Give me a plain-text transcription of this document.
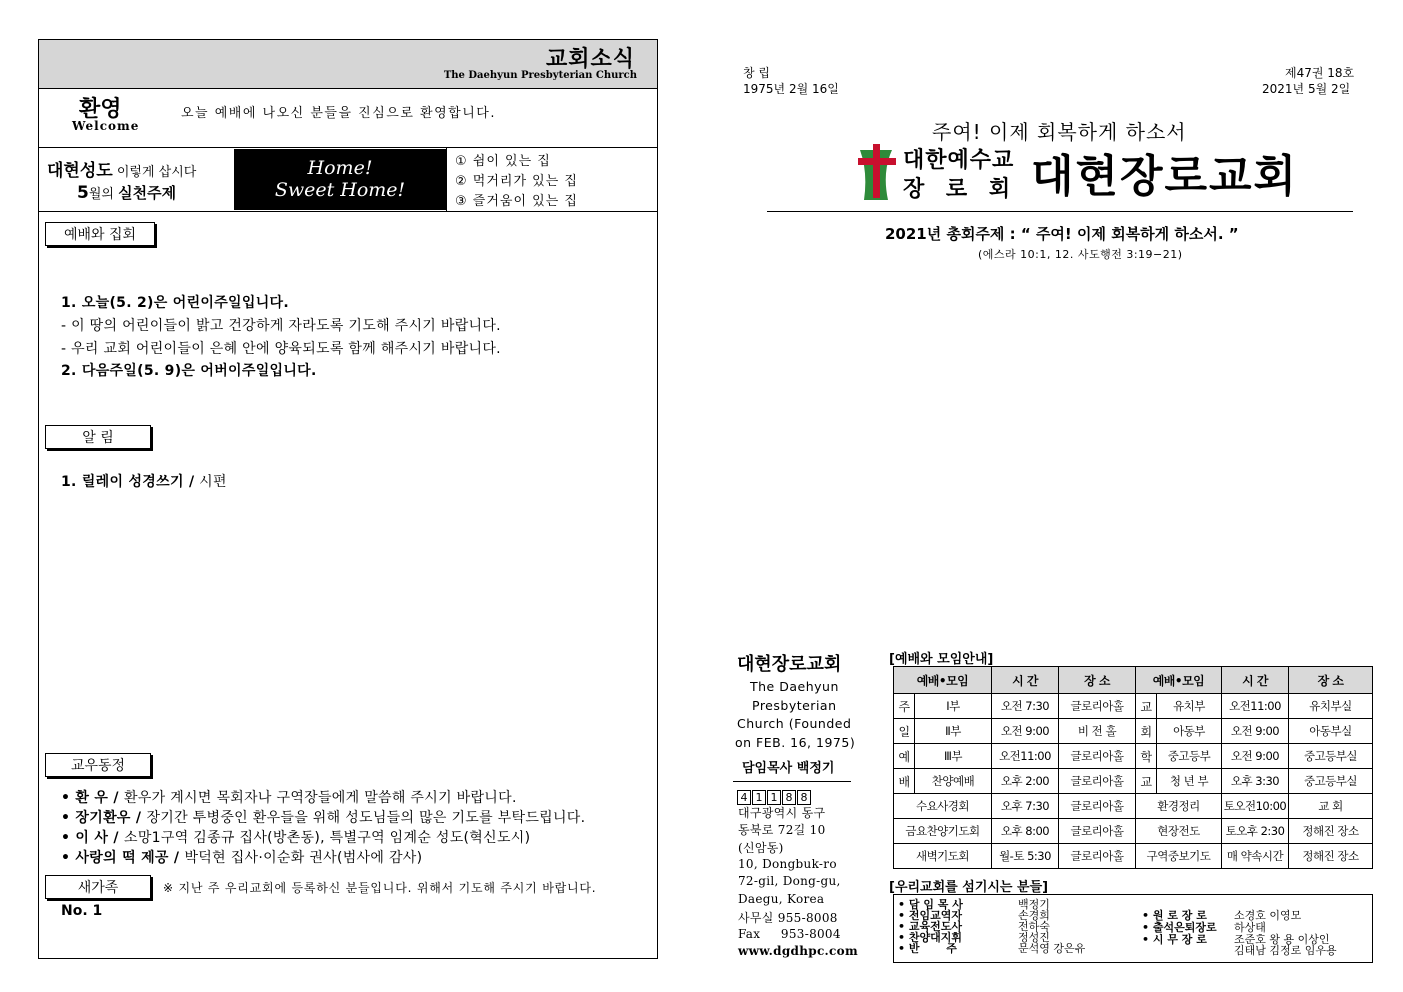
교회소식
The Daehyun Presbyterian Church
환영
Welcome
오늘 예배에 나오신 분들을 진심으로 환영합니다.
대현성도 이렇게 삽시다
5월의 실천주제
Home!
Sweet Home!
① 쉼이 있는 집
② 먹거리가 있는 집
③ 즐거움이 있는 집
예배와 집회
1. 오늘(5. 2)은 어린이주일입니다.
- 이 땅의 어린이들이 밝고 건강하게 자라도록 기도해 주시기 바랍니다.
- 우리 교회 어린이들이 은혜 안에 양육되도록 함께 해주시기 바랍니다.
2. 다음주일(5. 9)은 어버이주일입니다.
알 림
1. 릴레이 성경쓰기 / 시편
교우동정
• 환 우 / 환우가 계시면 목회자나 구역장들에게 말씀해 주시기 바랍니다.
• 장기환우 / 장기간 투병중인 환우들을 위해 성도님들의 많은 기도를 부탁드립니다.
• 이 사 / 소망1구역 김종규 집사(방촌동), 특별구역 임계순 성도(혁신도시)
• 사랑의 떡 제공 / 박덕현 집사·이순화 권사(범사에 감사)
새가족	※ 지난 주 우리교회에 등록하신 분들입니다. 위해서 기도해 주시기 바랍니다.
No. 1
창 립
1975년 2월 16일
제47권 18호
2021년 5월 2일
주여! 이제 회복하게 하소서
대한예수교
장 로 회 대현장로교회
2021년 총회주제 : “ 주여! 이제 회복하게 하소서. ”
(에스라 10:1, 12. 사도행전 3:19−21)
대현장로교회
The Daehyun
Presbyterian
Church (Founded
on FEB. 16, 1975)
담임목사 백정기
4 1 1 8 8
대구광역시 동구
동북로 72길 10
(신암동)
10, Dongbuk-ro
72-gil, Dong-gu,
Daegu, Korea
사무실 955-8008
Fax     953-8004
www.dgdhpc.com
[예배와 모임안내]
예배•모임		시 간	장 소	예배•모임		시 간	장 소
주	Ⅰ부	오전 7:30	글로리아홀	교	유치부	오전11:00	유치부실
일	Ⅱ부	오전 9:00	비 전 홀	회	아동부	오전 9:00	아동부실
예	Ⅲ부	오전11:00	글로리아홀	학	중고등부	오전 9:00	중고등부실
배	찬양예배	오후 2:00	글로리아홀	교	청 년 부	오후 3:30	중고등부실
수요사경회		오후 7:30	글로리아홀	환경정리		토오전10:00	교 회
금요찬양기도회		오후 8:00	글로리아홀	현장전도		토오후 2:30	정해진 장소
새벽기도회		월-토 5:30	글로리아홀	구역중보기도		매 약속시간	정해진 장소
[우리교회를 섬기시는 분들]
• 담 임 목 사	백정기
• 전임교역자	손경희
• 교육전도사	전하숙
• 찬양대지휘	정성진
• 반       주	문석영 강은유
• 원 로 장 로 소경호 이영모
• 출석은퇴장로 하상태
• 시 무 장 로 조준호 왕 용 이상인
김태남 김정로 임우용
